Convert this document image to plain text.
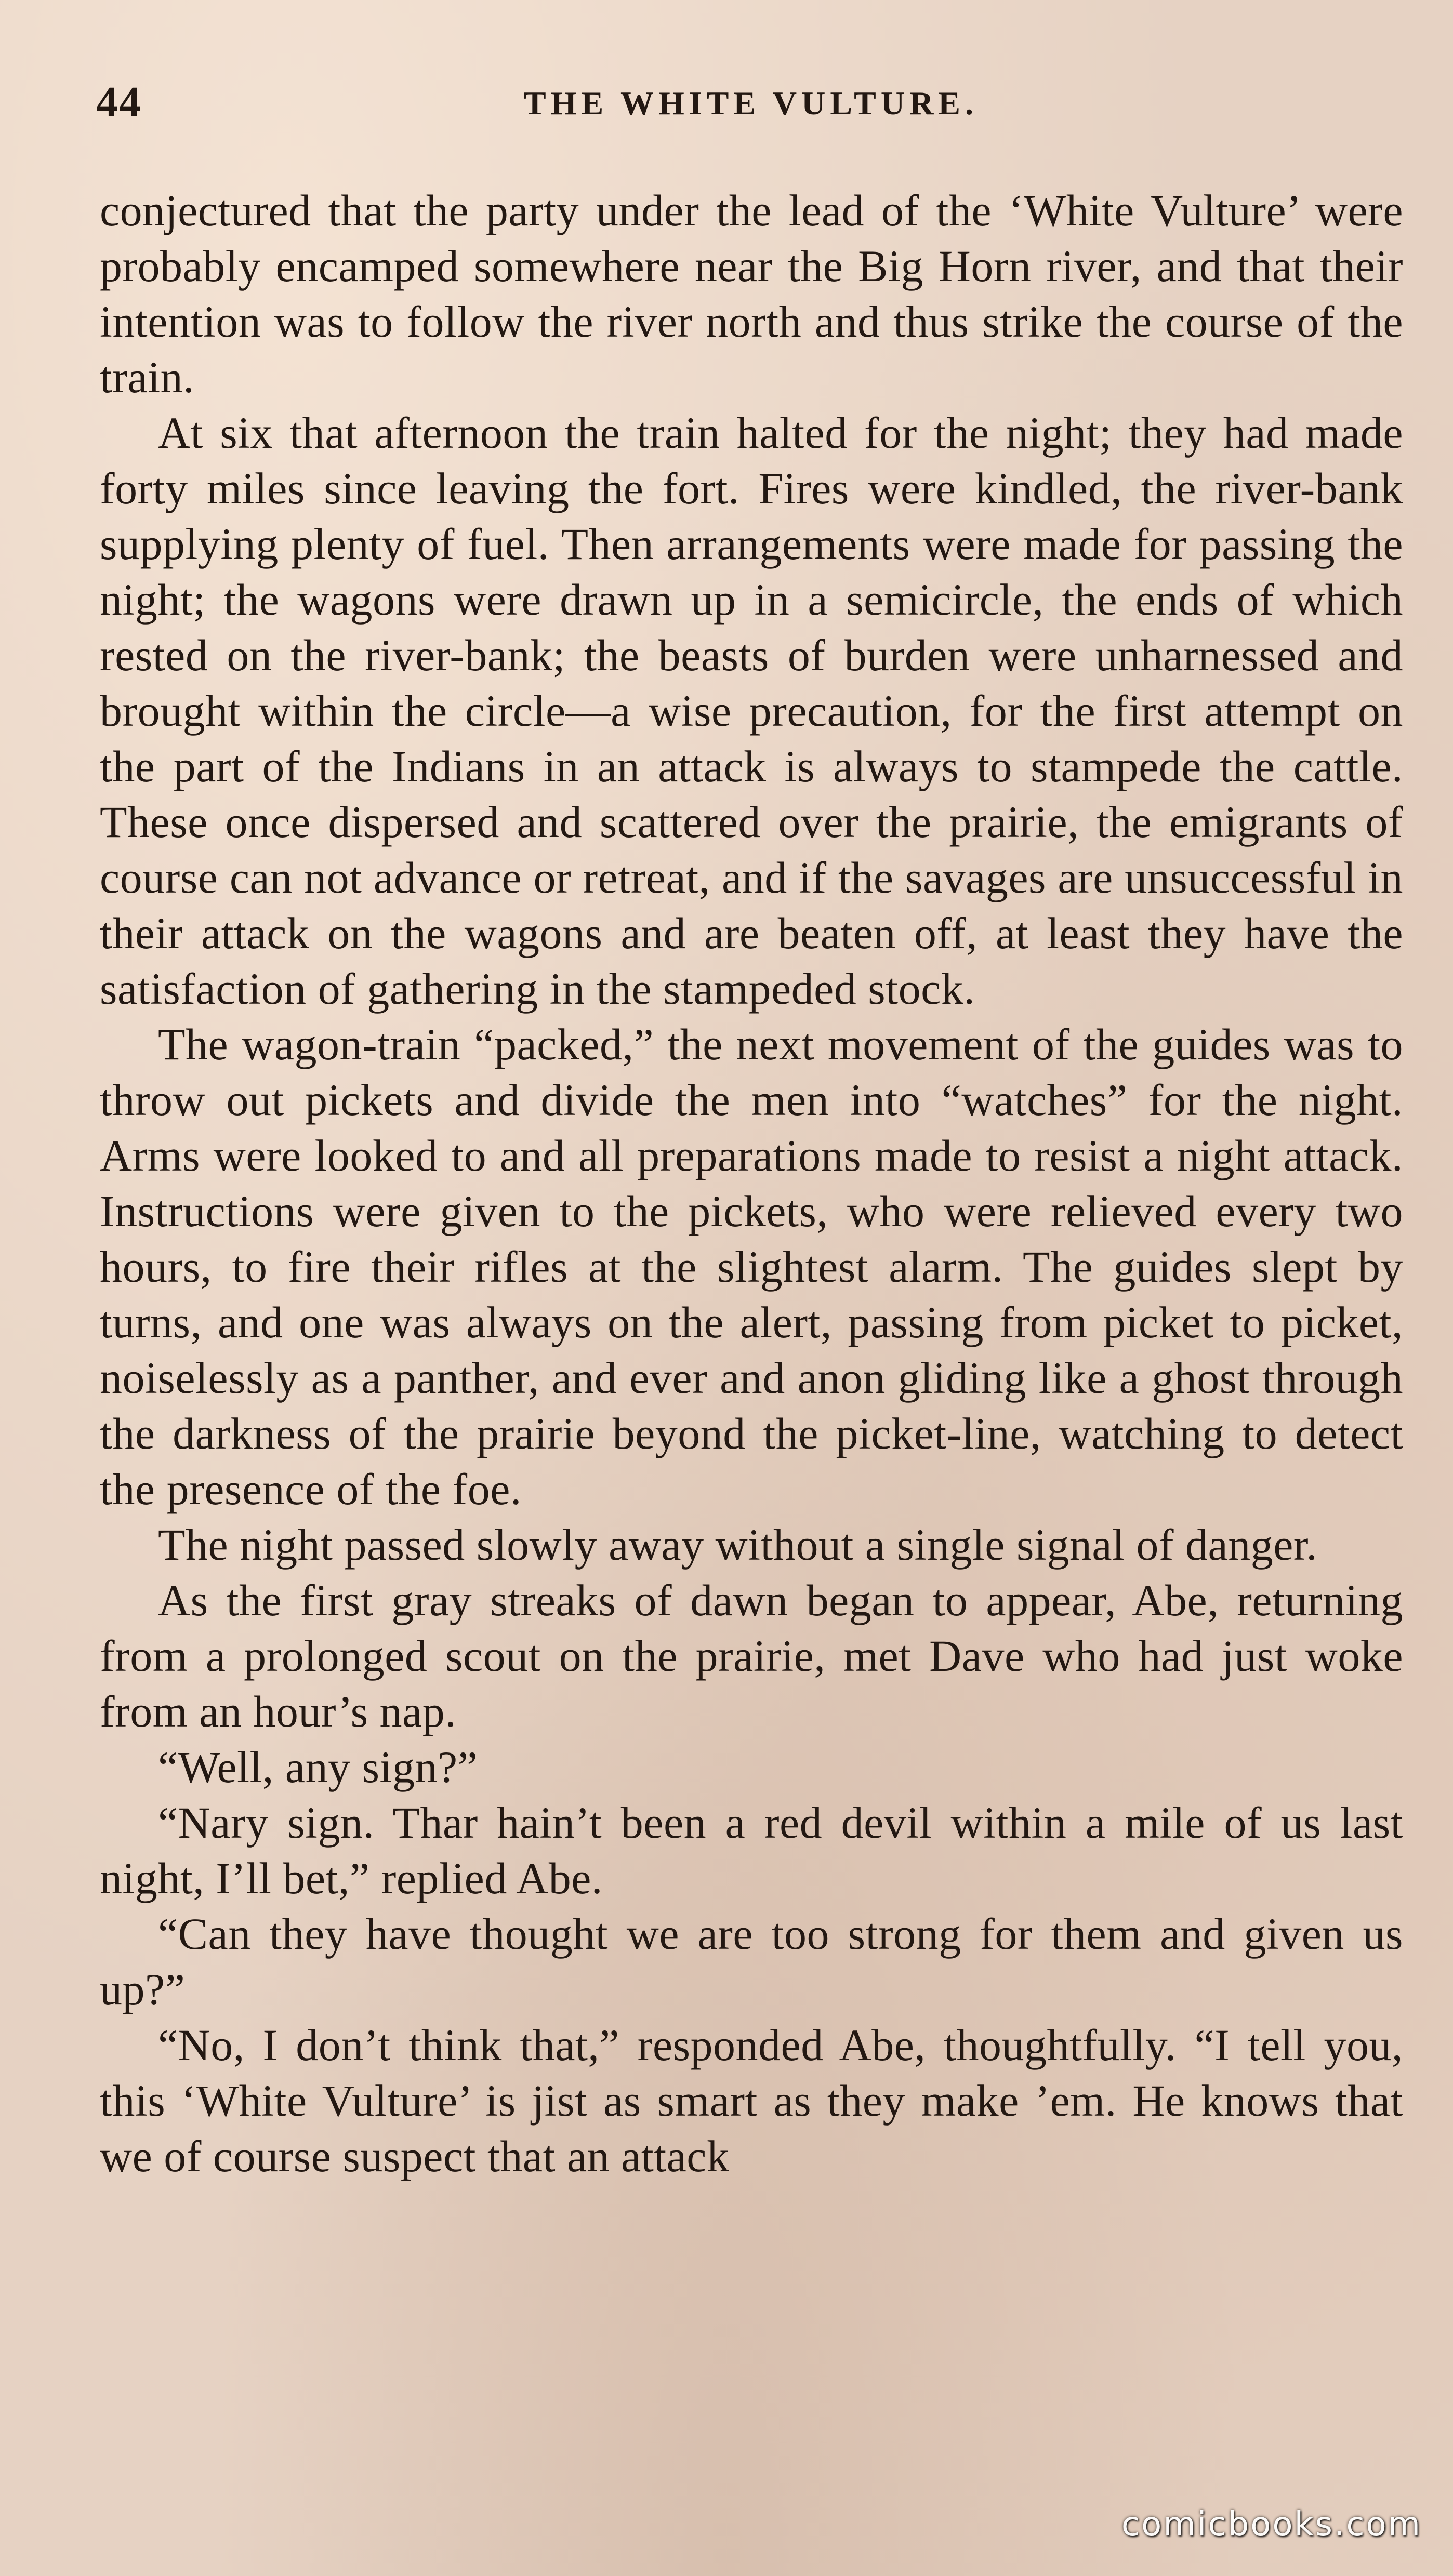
44	THE WHITE VULTURE.

conjectured that the party under the lead of the ‘White Vulture’ were probably encamped somewhere near the Big Horn river, and that their intention was to follow the river north and thus strike the course of the train.

At six that afternoon the train halted for the night; they had made forty miles since leaving the fort. Fires were kindled, the river-bank supplying plenty of fuel. Then arrangements were made for passing the night; the wagons were drawn up in a semicircle, the ends of which rested on the river-bank; the beasts of burden were unharnessed and brought within the circle—a wise precaution, for the first attempt on the part of the Indians in an attack is always to stampede the cattle. These once dispersed and scattered over the prairie, the emigrants of course can not advance or retreat, and if the savages are unsuccessful in their attack on the wagons and are beaten off, at least they have the satisfaction of gathering in the stampeded stock.

The wagon-train “packed,” the next movement of the guides was to throw out pickets and divide the men into “watches” for the night. Arms were looked to and all preparations made to resist a night attack. Instructions were given to the pickets, who were relieved every two hours, to fire their rifles at the slightest alarm. The guides slept by turns, and one was always on the alert, passing from picket to picket, noiselessly as a panther, and ever and anon gliding like a ghost through the darkness of the prairie beyond the picket-line, watching to detect the presence of the foe.

The night passed slowly away without a single signal of danger.

As the first gray streaks of dawn began to appear, Abe, returning from a prolonged scout on the prairie, met Dave who had just woke from an hour’s nap.

“Well, any sign?”

“Nary sign. Thar hain’t been a red devil within a mile of us last night, I’ll bet,” replied Abe.

“Can they have thought we are too strong for them and given us up?”

“No, I don’t think that,” responded Abe, thoughtfully. “I tell you, this ‘White Vulture’ is jist as smart as they make ’em. He knows that we of course suspect that an attack

comicbooks.com
